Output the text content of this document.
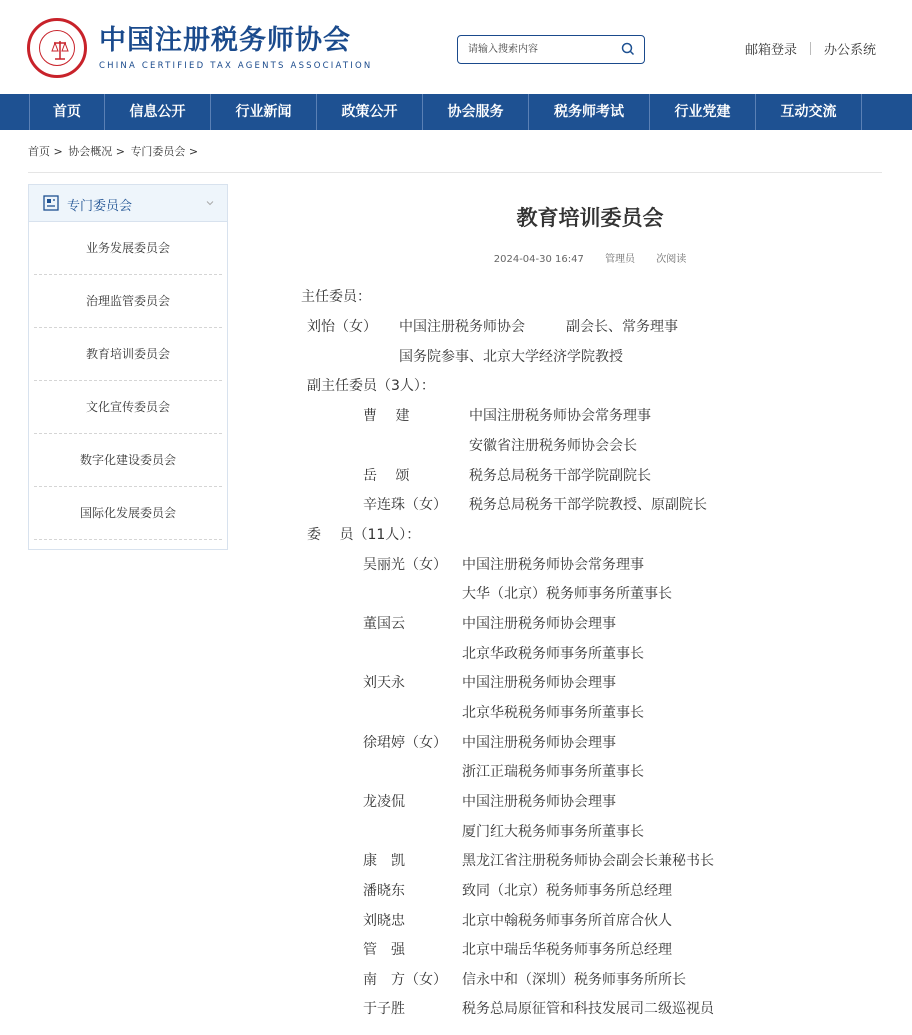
中国注册税务师协会
CHINA CERTIFIED TAX AGENTS ASSOCIATION
请输入搜索内容
邮箱登录 办公系统
首页	信息公开	行业新闻	政策公开	协会服务	税务师考试	行业党建	互动交流
首页 > 协会概况 > 专门委员会 >
专门委员会
业务发展委员会
治理监管委员会
教育培训委员会
文化宣传委员会
数字化建设委员会
国际化发展委员会
教育培训委员会
2024-04-30 16:47 管理员 次阅读
主任委员：
刘怡（女） 中国注册税务师协会	副会长、常务理事
国务院参事、北京大学经济学院教授
副主任委员（3人）：
曹　 建	中国注册税务师协会常务理事
安徽省注册税务师协会会长
岳　 颂	税务总局税务干部学院副院长
辛连珠（女） 税务总局税务干部学院教授、原副院长
委　 员（11人）：
吴丽光（女） 中国注册税务师协会常务理事
大华（北京）税务师事务所董事长
董国云	中国注册税务师协会理事
北京华政税务师事务所董事长
刘天永	中国注册税务师协会理事
北京华税税务师事务所董事长
徐珺婷（女） 中国注册税务师协会理事
浙江正瑞税务师事务所董事长
龙凌侃	中国注册税务师协会理事
厦门红大税务师事务所董事长
康　凯	黑龙江省注册税务师协会副会长兼秘书长
潘晓东	致同（北京）税务师事务所总经理
刘晓忠	北京中翰税务师事务所首席合伙人
管　强	北京中瑞岳华税务师事务所总经理
南　方（女） 信永中和（深圳）税务师事务所所长
于子胜	税务总局原征管和科技发展司二级巡视员
